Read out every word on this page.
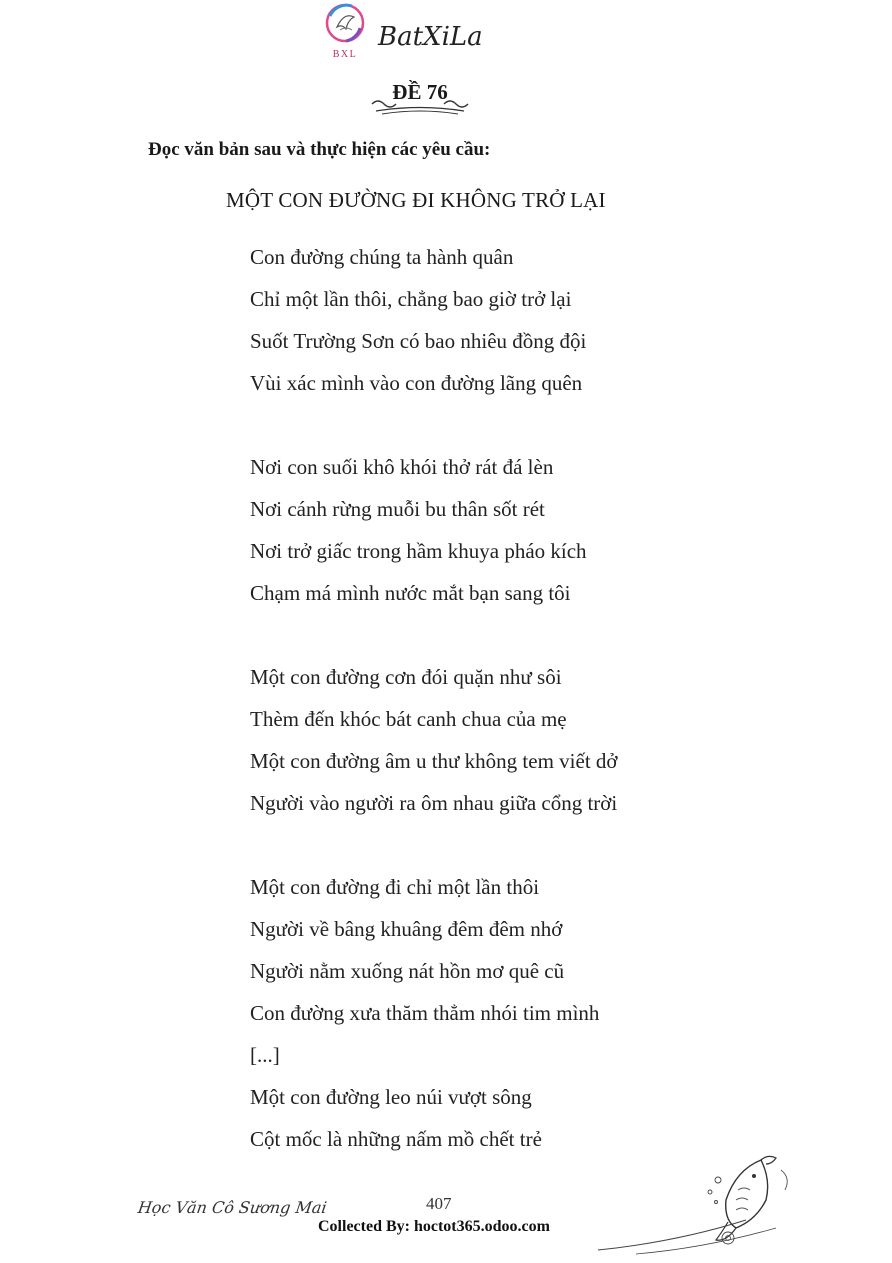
BXL
BatXiLa
ĐỀ 76
Đọc văn bản sau và thực hiện các yêu cầu:
MỘT CON ĐƯỜNG ĐI KHÔNG TRỞ LẠI
Con đường chúng ta hành quân
Chỉ một lần thôi, chẳng bao giờ trở lại
Suốt Trường Sơn có bao nhiêu đồng đội
Vùi xác mình vào con đường lãng quên
Nơi con suối khô khói thở rát đá lèn
Nơi cánh rừng muỗi bu thân sốt rét
Nơi trở giấc trong hầm khuya pháo kích
Chạm má mình nước mắt bạn sang tôi
Một con đường cơn đói quặn như sôi
Thèm đến khóc bát canh chua của mẹ
Một con đường âm u thư không tem viết dở
Người vào người ra ôm nhau giữa cổng trời
Một con đường đi chỉ một lần thôi
Người về bâng khuâng đêm đêm nhớ
Người nằm xuống nát hồn mơ quê cũ
Con đường xưa thăm thẳm nhói tim mình
[...]
Một con đường leo núi vượt sông
Cột mốc là những nấm mồ chết trẻ
Học Văn Cô Sương Mai	407
Collected By: hoctot365.odoo.com
